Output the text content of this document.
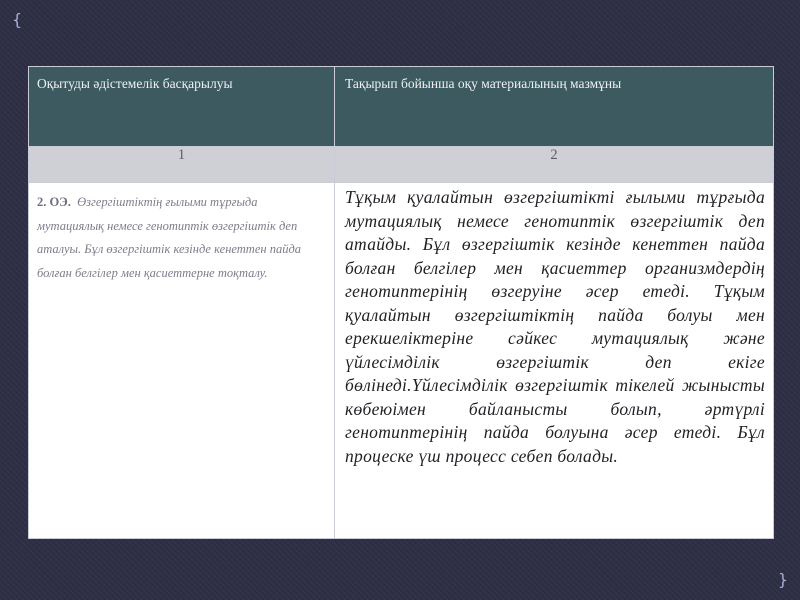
{
}
Оқытуды әдістемелік басқарылуы	Тақырып бойынша оқу материалының мазмұны
1	2

2. ОЭ. Өзгергіштіктің ғылыми тұрғыда мутациялық немесе генотиптік өзгергіштік деп аталуы. Бұл өзгергіштік кезінде кенеттен пайда болған белгілер мен қасиеттерне тоқталу.	Тұқым қуалайтын өзгергіштікті ғылыми тұрғыда мутациялық немесе генотиптік өзгергіштік деп атайды. Бұл өзгергіштік кезінде кенеттен пайда болған белгілер мен қасиеттер организмдердің генотиптерінің өзгеруіне әсер етеді. Тұқым қуалайтын өзгергіштіктің пайда болуы мен ерекшеліктеріне сәйкес мутациялық және үйлесімділік өзгергіштік деп екіге бөлінеді.Үйлесімділік өзгергіштік тікелей жынысты көбеюімен байланысты болып, әртүрлі генотиптерінің пайда болуына әсер етеді. Бұл процеске үш процесс себеп болады.
